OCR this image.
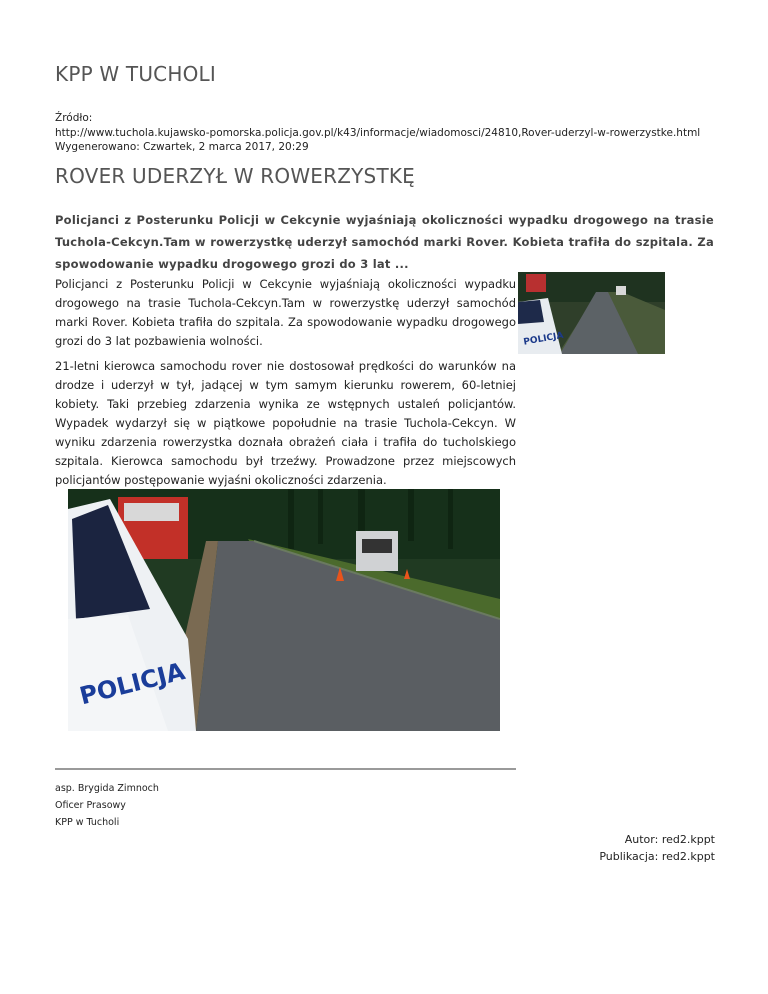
KPP W TUCHOLI
Źródło:
http://www.tuchola.kujawsko-pomorska.policja.gov.pl/k43/informacje/wiadomosci/24810,Rover-uderzyl-w-rowerzystke.html
Wygenerowano: Czwartek, 2 marca 2017, 20:29
ROVER UDERZYŁ W ROWERZYSTKĘ
Policjanci z Posterunku Policji w Cekcynie wyjaśniają okoliczności wypadku drogowego na trasie Tuchola-Cekcyn.Tam w rowerzystkę uderzył samochód marki Rover. Kobieta trafiła do szpitala. Za spowodowanie wypadku drogowego grozi do 3 lat ...
Policjanci z Posterunku Policji w Cekcynie wyjaśniają okoliczności wypadku drogowego na trasie Tuchola-Cekcyn.Tam w rowerzystkę uderzył samochód marki Rover. Kobieta trafiła do szpitala. Za spowodowanie wypadku drogowego grozi do 3 lat pozbawienia wolności.	POLICJA
21-letni kierowca samochodu rover nie dostosował prędkości do warunków na drodze i uderzył w tył, jadącej w tym samym kierunku rowerem, 60-letniej kobiety. Taki przebieg zdarzenia wynika ze wstępnych ustaleń policjantów. Wypadek wydarzył się w piątkowe popołudnie na trasie Tuchola-Cekcyn. W wyniku zdarzenia rowerzystka doznała obrażeń ciała i trafiła do tucholskiego szpitala. Kierowca samochodu był trzeźwy. Prowadzone przez miejscowych policjantów postępowanie wyjaśni okoliczności zdarzenia.
POLICJA
asp. Brygida Zimnoch
Oficer Prasowy
KPP w Tucholi
Autor: red2.kppt
Publikacja: red2.kppt
